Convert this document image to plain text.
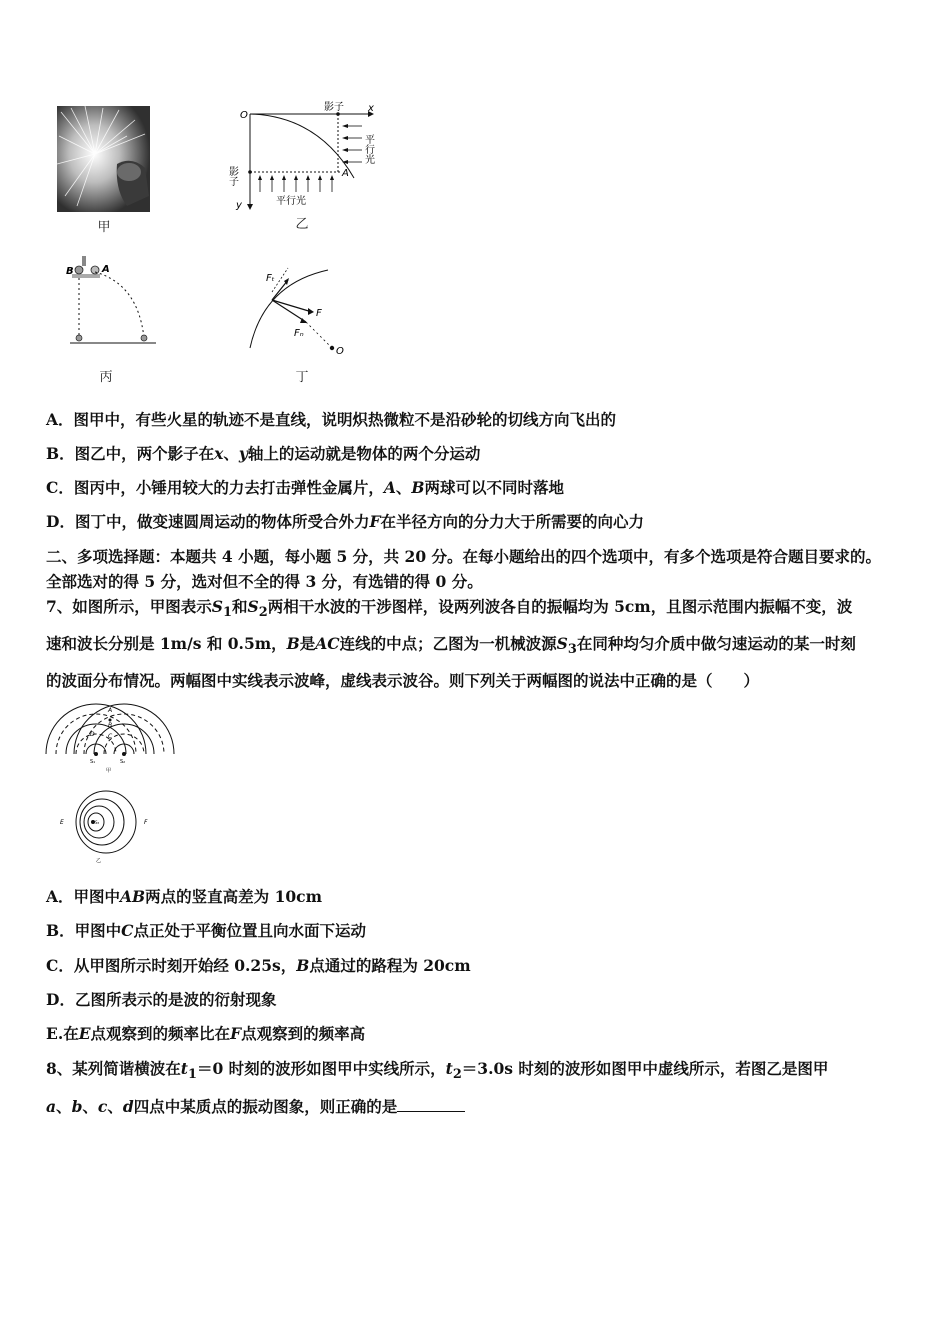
甲
O
x
y
影子
影子	A
平行光
平行光
乙
B	A
丙
Fₜ
F
Fₙ
O
丁
A．图甲中，有些火星的轨迹不是直线，说明炽热微粒不是沿砂轮的切线方向飞出的
B．图乙中，两个影子在x、y轴上的运动就是物体的两个分运动
C．图丙中，小锤用较大的力去打击弹性金属片，A、B两球可以不同时落地
D．图丁中，做变速圆周运动的物体所受合外力F在半径方向的分力大于所需要的向心力
二、多项选择题：本题共 4 小题，每小题 5 分，共 20 分。在每小题给出的四个选项中，有多个选项是符合题目要求的。
全部选对的得 5 分，选对但不全的得 3 分，有选错的得 0 分。
7、如图所示，甲图表示$S_1$和$S_2$两相干水波的干涉图样，设两列波各自的振幅均为 5cm，且图示范围内振幅不变，波
速和波长分别是 1m/s 和 0.5m，B是AC连线的中点；乙图为一机械波源$S_3$在同种均匀介质中做匀速运动的某一时刻
的波面分布情况。两幅图中实线表示波峰，虚线表示波谷。则下列关于两幅图的说法中正确的是（　　）
A
B
C
D
S₁	S₂
甲
E	F
S₃
乙
A．甲图中AB两点的竖直高差为 10cm
B．甲图中C点正处于平衡位置且向水面下运动
C．从甲图所示时刻开始经 0.25s，B点通过的路程为 20cm
D．乙图所表示的是波的衍射现象
E.在E点观察到的频率比在F点观察到的频率高
8、某列简谐横波在$t_1=0$ 时刻的波形如图甲中实线所示，$t_2=3.0s$ 时刻的波形如图甲中虚线所示，若图乙是图甲
a、b、c、d四点中某质点的振动图象，则正确的是
